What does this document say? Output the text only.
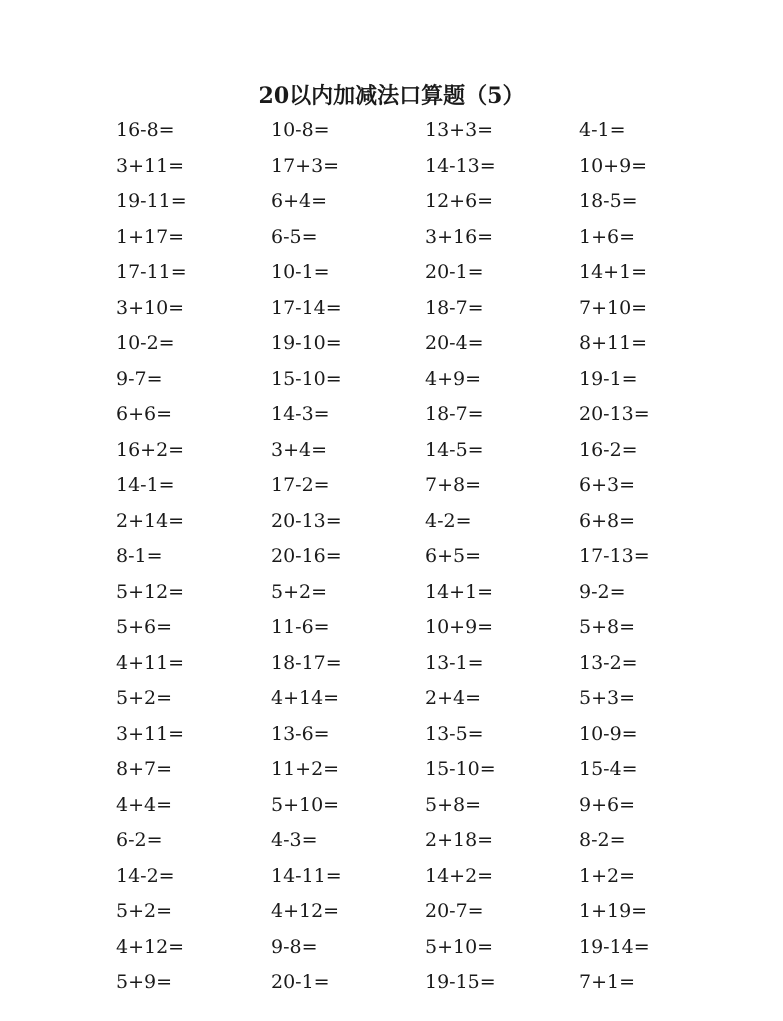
20以内加减法口算题（5）
16-8=	10-8=	13+3=	4-1=
3+11=	17+3=	14-13=	10+9=
19-11=	6+4=	12+6=	18-5=
1+17=	6-5=	3+16=	1+6=
17-11=	10-1=	20-1=	14+1=
3+10=	17-14=	18-7=	7+10=
10-2=	19-10=	20-4=	8+11=
9-7=	15-10=	4+9=	19-1=
6+6=	14-3=	18-7=	20-13=
16+2=	3+4=	14-5=	16-2=
14-1=	17-2=	7+8=	6+3=
2+14=	20-13=	4-2=	6+8=
8-1=	20-16=	6+5=	17-13=
5+12=	5+2=	14+1=	9-2=
5+6=	11-6=	10+9=	5+8=
4+11=	18-17=	13-1=	13-2=
5+2=	4+14=	2+4=	5+3=
3+11=	13-6=	13-5=	10-9=
8+7=	11+2=	15-10=	15-4=
4+4=	5+10=	5+8=	9+6=
6-2=	4-3=	2+18=	8-2=
14-2=	14-11=	14+2=	1+2=
5+2=	4+12=	20-7=	1+19=
4+12=	9-8=	5+10=	19-14=
5+9=	20-1=	19-15=	7+1=
